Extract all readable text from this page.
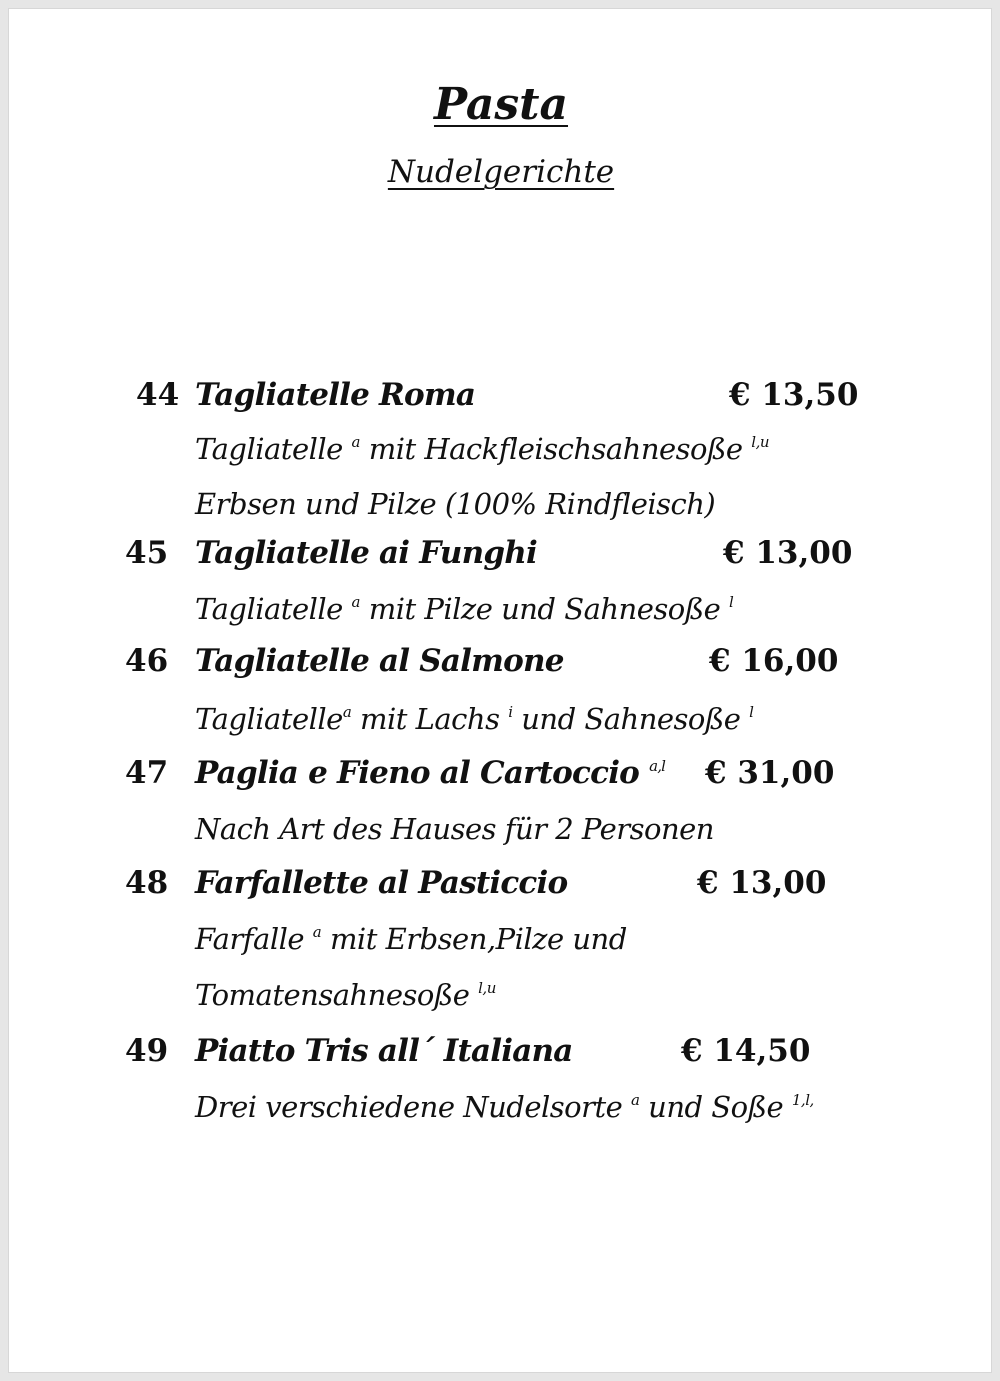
Pasta
Nudelgerichte
44 Tagliatelle Roma	€ 13,50
Tagliatelle $^a$ mit Hackfleischsahnesoße $^{l,u}$
Erbsen und Pilze (100% Rindfleisch)
45 Tagliatelle ai Funghi	€ 13,00
Tagliatelle $^a$ mit Pilze und Sahnesoße $^l$
46 Tagliatelle al Salmone	€ 16,00
Tagliatelle$^a$ mit Lachs $^i$ und Sahnesoße $^l$
47 Paglia e Fieno al Cartoccio $^{a,l}$ € 31,00
Nach Art des Hauses für 2 Personen
48 Farfallette al Pasticcio	€ 13,00
Farfalle $^a$ mit Erbsen,Pilze und
Tomatensahnesoße $^{l,u}$
49 Piatto Tris all´ Italiana	€ 14,50
Drei verschiedene Nudelsorte $^a$ und Soße $^{1,l,}$
